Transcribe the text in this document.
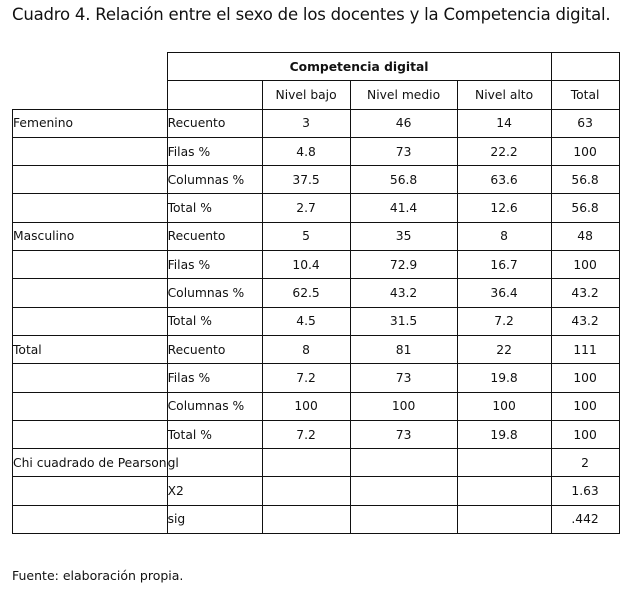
Cuadro 4. Relación entre el sexo de los docentes y la Competencia digital.
	Competencia digital				
		Nivel bajo	Nivel medio	Nivel alto	Total
Femenino	Recuento	3	46	14	63
	Filas %	4.8	73	22.2	100
	Columnas %	37.5	56.8	63.6	56.8
	Total %	2.7	41.4	12.6	56.8
Masculino	Recuento	5	35	8	48
	Filas %	10.4	72.9	16.7	100
	Columnas %	62.5	43.2	36.4	43.2
	Total %	4.5	31.5	7.2	43.2
Total	Recuento	8	81	22	111
	Filas %	7.2	73	19.8	100
	Columnas %	100	100	100	100
	Total %	7.2	73	19.8	100
Chi cuadrado de Pearson	gl				2
	X2				1.63
	sig				.442
Fuente: elaboración propia.
